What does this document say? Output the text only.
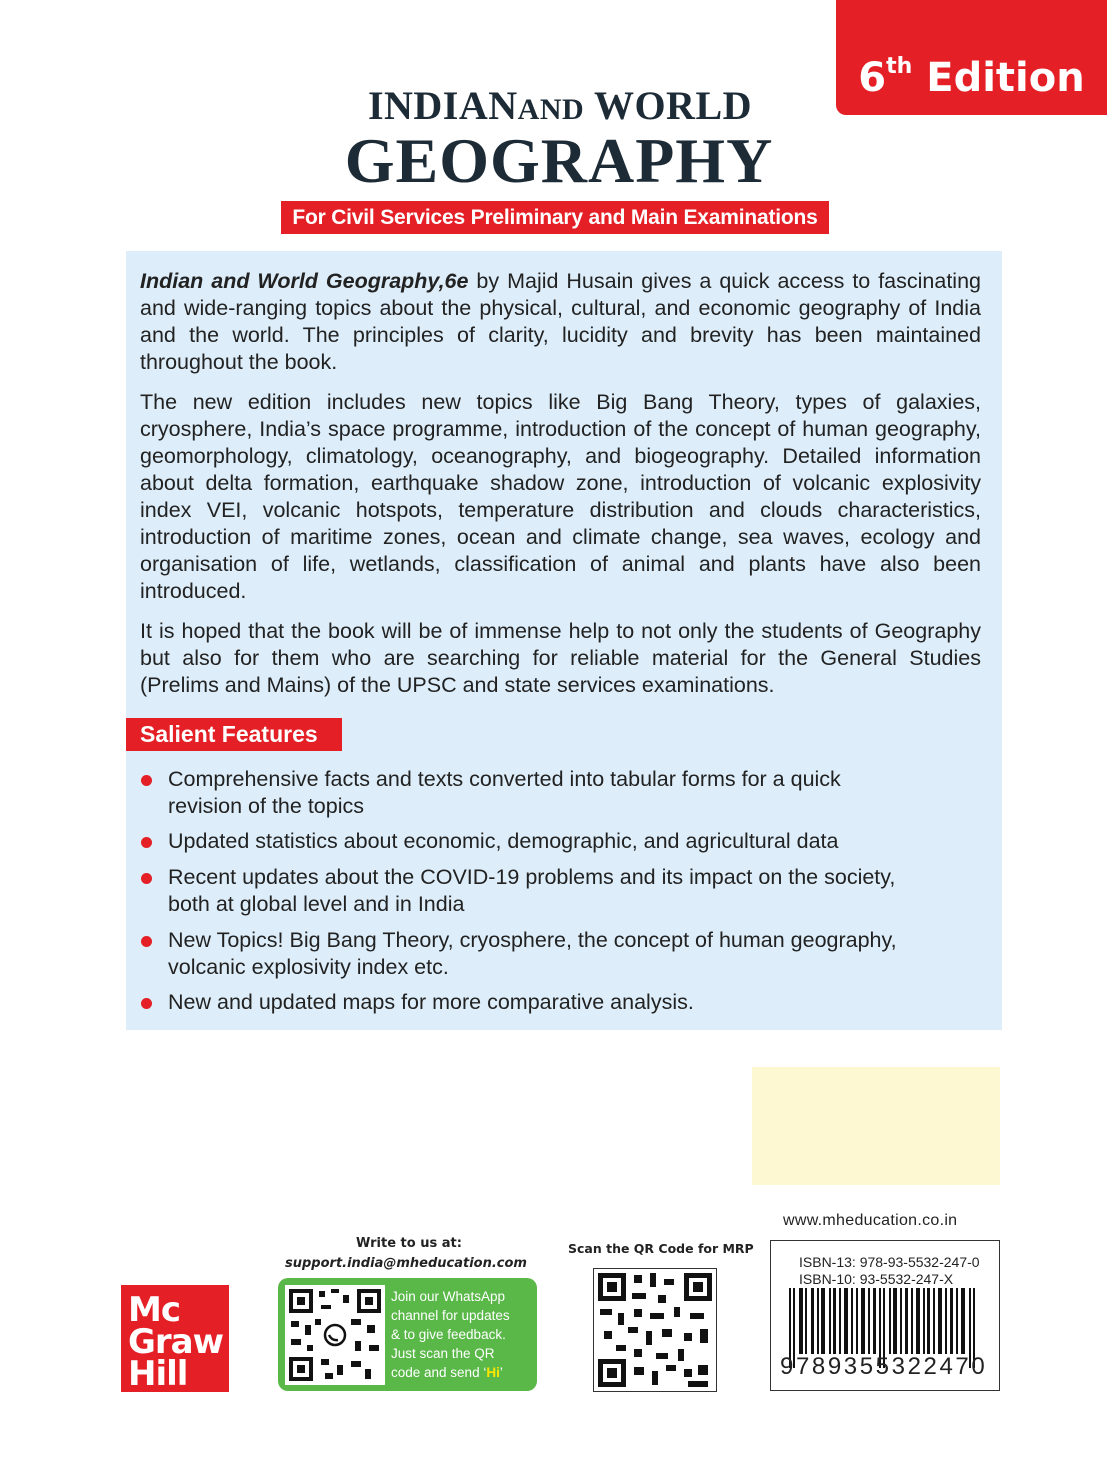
6th Edition
INDIANAND WORLD
GEOGRAPHY
For Civil Services Preliminary and Main Examinations

Indian and World Geography,6e by Majid Husain gives a quick access to fascinating and wide-ranging topics about the physical, cultural, and economic geography of India and the world. The principles of clarity, lucidity and brevity has been maintained throughout the book.

The new edition includes new topics like Big Bang Theory, types of galaxies, cryosphere, India’s space programme, introduction of the concept of human geography, geomorphology, climatology, oceanography, and biogeography. Detailed information about delta formation, earthquake shadow zone, introduction of volcanic explosivity index VEI, volcanic hotspots, temperature distribution and clouds characteristics, introduction of maritime zones, ocean and climate change, sea waves, ecology and organisation of life, wetlands, classification of animal and plants have also been introduced.

It is hoped that the book will be of immense help to not only the students of Geography but also for them who are searching for reliable material for the General Studies (Prelims and Mains) of the UPSC and state services examinations.

Salient Features
Comprehensive facts and texts converted into tabular forms for a quick
revision of the topics
Updated statistics about economic, demographic, and agricultural data
Recent updates about the COVID-19 problems and its impact on the society,
both at global level and in India
New Topics! Big Bang Theory, cryosphere, the concept of human geography,
volcanic explosivity index etc.
New and updated maps for more comparative analysis.
www.mheducation.co.in
Mc
Graw
Hill
Write to us at:
support.india@mheducation.com
Join our WhatsApp
channel for updates
& to give feedback.
Just scan the QR
code and send ‘Hi’
Scan the QR Code for MRP
ISBN-13: 978-93-5532-247-0
ISBN-10: 93-5532-247-X
9789355322470
